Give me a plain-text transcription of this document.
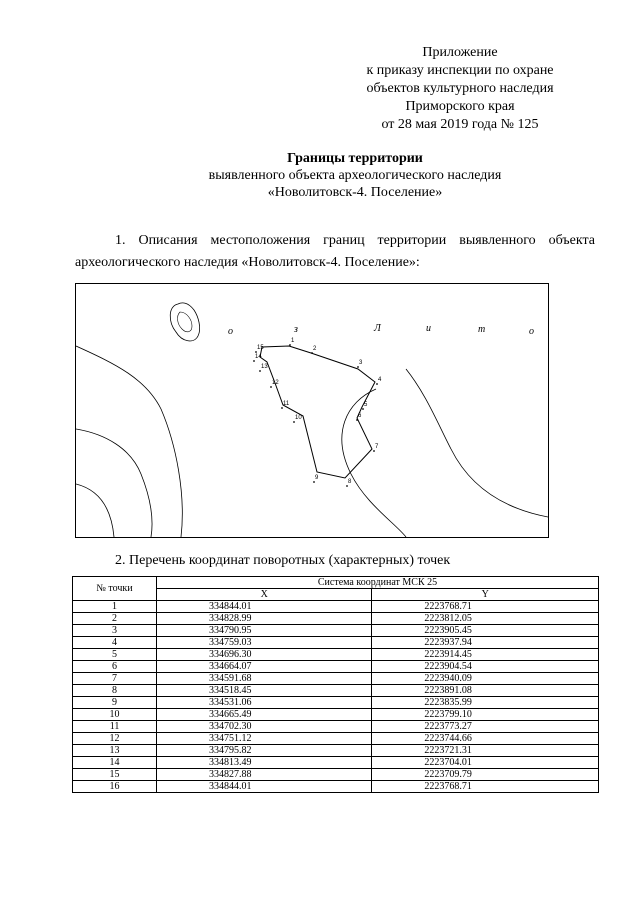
Приложение
к приказу инспекции по охране
объектов культурного наследия
Приморского края
от 28 мая 2019 года № 125
Границы территории
выявленного объекта археологического наследия
«Новолитовск-4. Поселение»
1. Описания местоположения границ территории выявленного объекта археологического наследия «Новолитовск-4. Поселение»:
о	з	Л	и	т	о
1
2
3
4
5
6
7
8
9
10
11
12
13
14
15
2. Перечень координат поворотных (характерных) точек
№ точки	Система координат МСК 25	
	X	Y
1	334844.01	2223768.71
2	334828.99	2223812.05
3	334790.95	2223905.45
4	334759.03	2223937.94
5	334696.30	2223914.45
6	334664.07	2223904.54
7	334591.68	2223940.09
8	334518.45	2223891.08
9	334531.06	2223835.99
10	334665.49	2223799.10
11	334702.30	2223773.27
12	334751.12	2223744.66
13	334795.82	2223721.31
14	334813.49	2223704.01
15	334827.88	2223709.79
16	334844.01	2223768.71
